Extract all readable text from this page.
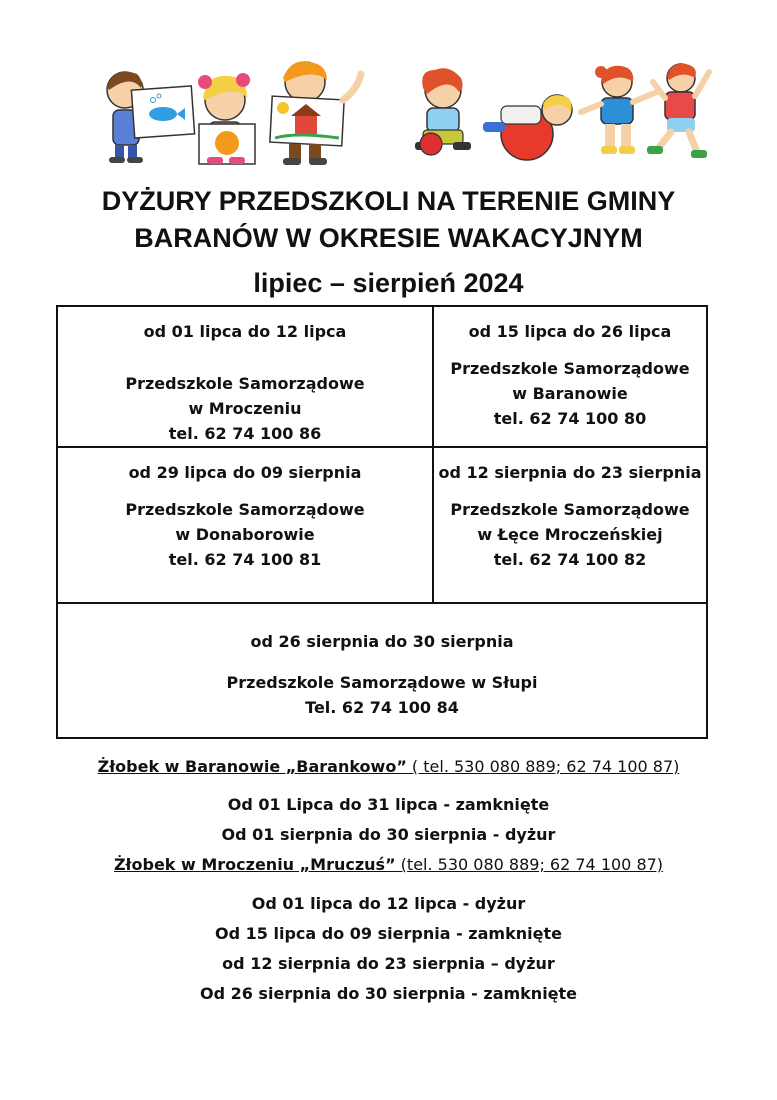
DYŻURY PRZEDSZKOLI NA TERENIE GMINY
BARANÓW W OKRESIE WAKACYJNYM
lipiec – sierpień 2024
od 01 lipca do 12 lipca
Przedszkole Samorządowe
w Mroczeniu
tel. 62 74 100 86
od 15 lipca do 26 lipca
Przedszkole Samorządowe
w Baranowie
tel. 62 74 100 80
od 29 lipca do 09 sierpnia
Przedszkole Samorządowe
w Donaborowie
tel. 62 74 100 81
od 12 sierpnia do 23 sierpnia
Przedszkole Samorządowe
w Łęce Mroczeńskiej
tel. 62 74 100 82
od 26 sierpnia do 30 sierpnia
Przedszkole Samorządowe w Słupi
Tel. 62 74 100 84
Żłobek w Baranowie „Barankowo” ( tel. 530 080 889; 62 74 100 87)
Od 01 Lipca do 31 lipca - zamknięte
Od 01 sierpnia do 30 sierpnia - dyżur
Żłobek w Mroczeniu „Mruczuś” (tel. 530 080 889; 62 74 100 87)
Od 01 lipca do 12 lipca - dyżur
Od 15 lipca do 09 sierpnia - zamknięte
od 12 sierpnia do 23 sierpnia – dyżur
Od 26 sierpnia do 30 sierpnia - zamknięte
